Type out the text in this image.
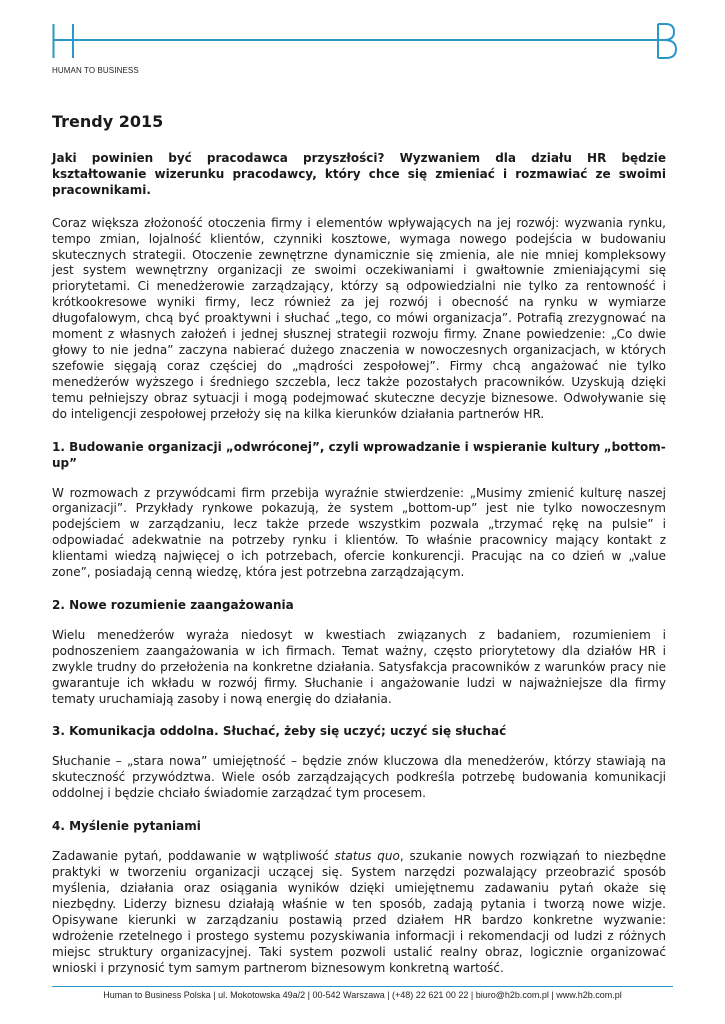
HUMAN TO BUSINESS
Trendy 2015

Jaki powinien być pracodawca przyszłości? Wyzwaniem dla działu HR będzie kształtowanie wizerunku pracodawcy, który chce się zmieniać i rozmawiać ze swoimi pracownikami.

Coraz większa złożoność otoczenia firmy i elementów wpływających na jej rozwój: wyzwania rynku, tempo zmian, lojalność klientów, czynniki kosztowe, wymaga nowego podejścia w budowaniu skutecznych strategii. Otoczenie zewnętrzne dynamicznie się zmienia, ale nie mniej kompleksowy jest system wewnętrzny organizacji ze swoimi oczekiwaniami i gwałtownie zmieniającymi się priorytetami. Ci menedżerowie zarządzający, którzy są odpowiedzialni nie tylko za rentowność i krótkookresowe wyniki firmy, lecz również za jej rozwój i obecność na rynku w wymiarze długofalowym, chcą być proaktywni i słuchać „tego, co mówi organizacja”. Potrafią zrezygnować na moment z własnych założeń i jednej słusznej strategii rozwoju firmy. Znane powiedzenie: „Co dwie głowy to nie jedna” zaczyna nabierać dużego znaczenia w nowoczesnych organizacjach, w których szefowie sięgają coraz częściej do „mądrości zespołowej”. Firmy chcą angażować nie tylko menedżerów wyższego i średniego szczebla, lecz także pozostałych pracowników. Uzyskują dzięki temu pełniejszy obraz sytuacji i mogą podejmować skuteczne decyzje biznesowe. Odwoływanie się do inteligencji zespołowej przełoży się na kilka kierunków działania partnerów HR.

1. Budowanie organizacji „odwróconej”, czyli wprowadzanie i wspieranie kultury „bottom-up”

W rozmowach z przywódcami firm przebija wyraźnie stwierdzenie: „Musimy zmienić kulturę naszej organizacji”. Przykłady rynkowe pokazują, że system „bottom-up” jest nie tylko nowoczesnym podejściem w zarządzaniu, lecz także przede wszystkim pozwala „trzymać rękę na pulsie” i odpowiadać adekwatnie na potrzeby rynku i klientów. To właśnie pracownicy mający kontakt z klientami wiedzą najwięcej o ich potrzebach, ofercie konkurencji. Pracując na co dzień w „value zone”, posiadają cenną wiedzę, która jest potrzebna zarządzającym.

2. Nowe rozumienie zaangażowania

Wielu menedżerów wyraża niedosyt w kwestiach związanych z badaniem, rozumieniem i podnoszeniem zaangażowania w ich firmach. Temat ważny, często priorytetowy dla działów HR i zwykle trudny do przełożenia na konkretne działania. Satysfakcja pracowników z warunków pracy nie gwarantuje ich wkładu w rozwój firmy. Słuchanie i angażowanie ludzi w najważniejsze dla firmy tematy uruchamiają zasoby i nową energię do działania.

3. Komunikacja oddolna. Słuchać, żeby się uczyć; uczyć się słuchać

Słuchanie – „stara nowa” umiejętność – będzie znów kluczowa dla menedżerów, którzy stawiają na skuteczność przywództwa. Wiele osób zarządzających podkreśla potrzebę budowania komunikacji oddolnej i będzie chciało świadomie zarządzać tym procesem.

4. Myślenie pytaniami

Zadawanie pytań, poddawanie w wątpliwość status quo, szukanie nowych rozwiązań to niezbędne praktyki w tworzeniu organizacji uczącej się. System narzędzi pozwalający przeobrazić sposób myślenia, działania oraz osiągania wyników dzięki umiejętnemu zadawaniu pytań okaże się niezbędny. Liderzy biznesu działają właśnie w ten sposób, zadają pytania i tworzą nowe wizje. Opisywane kierunki w zarządzaniu postawią przed działem HR bardzo konkretne wyzwanie: wdrożenie rzetelnego i prostego systemu pozyskiwania informacji i rekomendacji od ludzi z różnych miejsc struktury organizacyjnej. Taki system pozwoli ustalić realny obraz, logicznie organizować wnioski i przynosić tym samym partnerom biznesowym konkretną wartość.

Human to Business Polska | ul. Mokotowska 49a/2 | 00-542 Warszawa | (+48) 22 621 00 22 | biuro@h2b.com.pl | www.h2b.com.pl
